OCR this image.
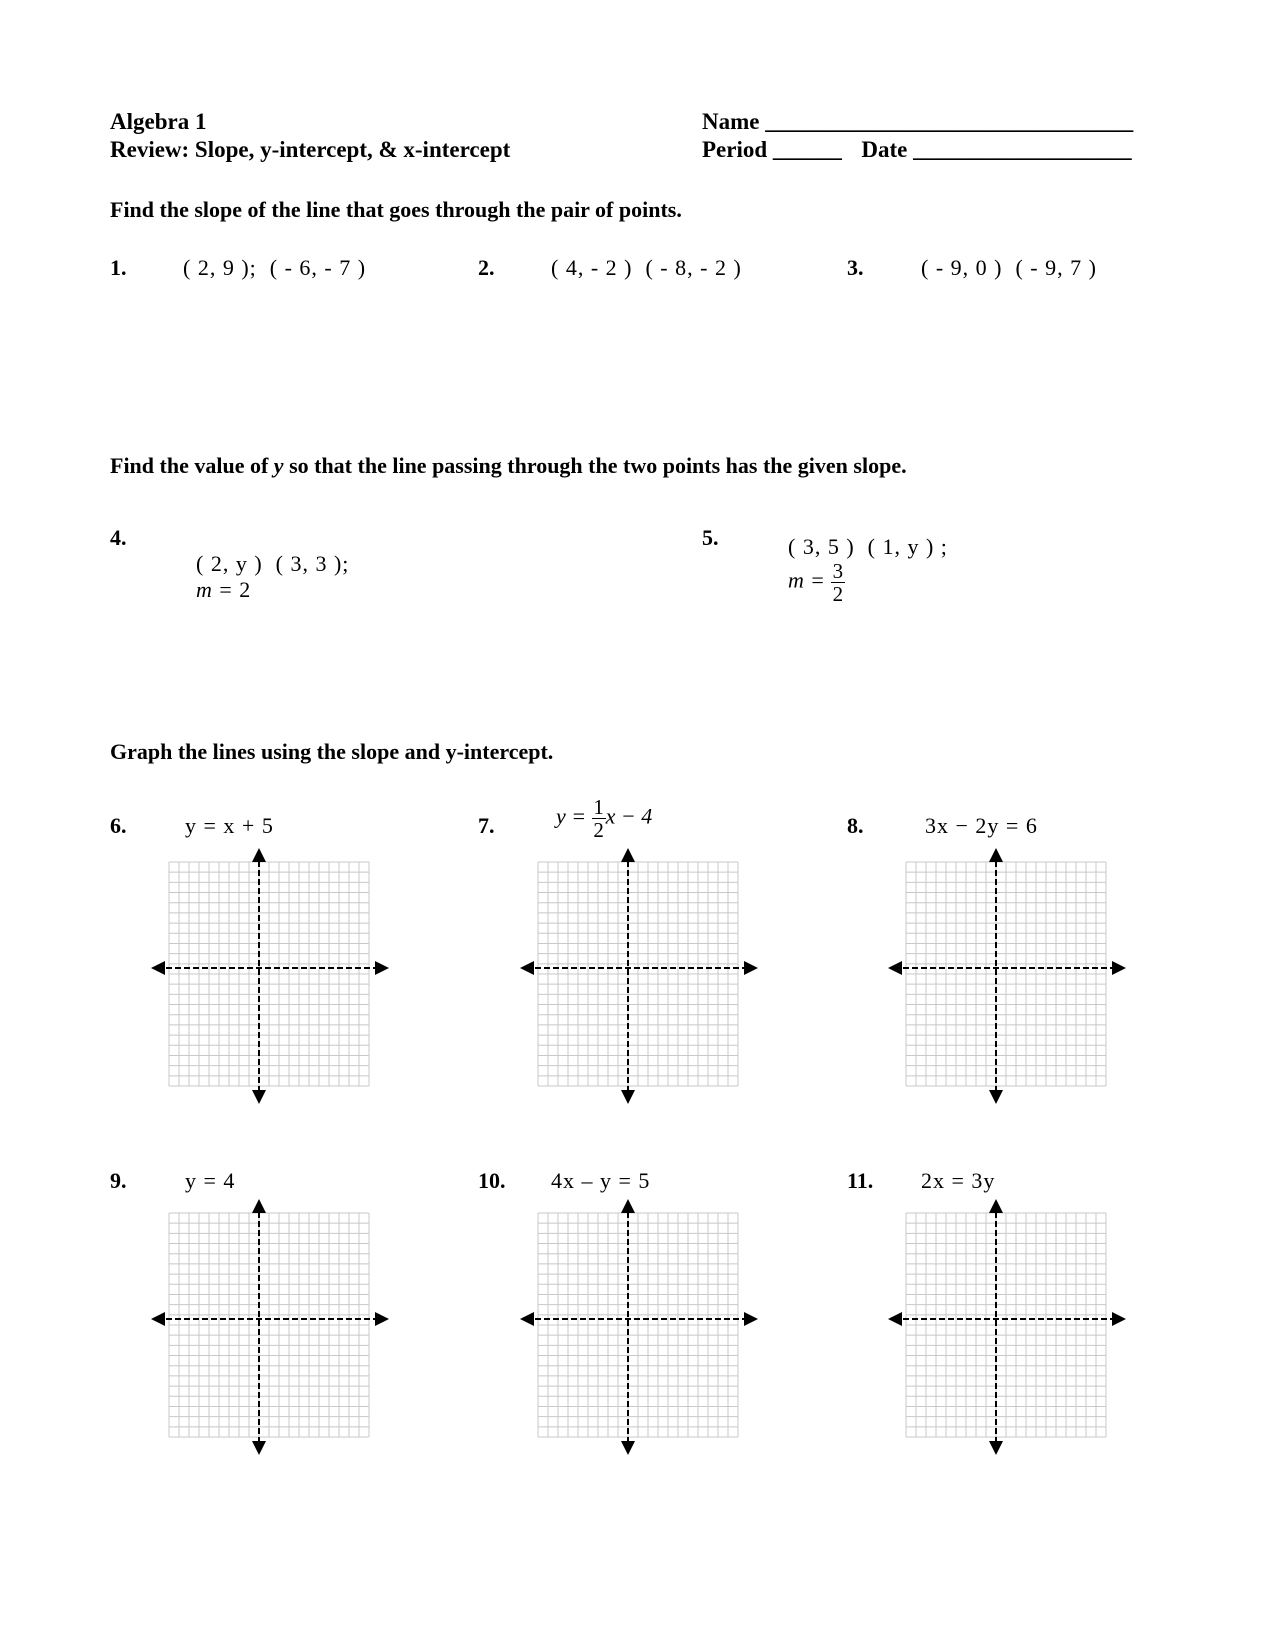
Algebra 1
Review: Slope, y-intercept, & x-intercept
Name ________________________________
Period ______ Date ___________________
Find the slope of the line that goes through the pair of points.
1.	( 2, 9 );  ( - 6, - 7 )	2.	( 4, - 2 )  ( - 8, - 2 )	3.	( - 9, 0 )  ( - 9, 7 )
Find the value of y so that the line passing through the two points has the given slope.
4.

( 2, y )  ( 3, 3 );
m = 2

5.	( 3, 5 )  ( 1, y ) ;
$m = \frac{3}{2}$

Graph the lines using the slope and y-intercept.
6.	y = x + 5	7.	$y = \frac{1}{2}$ x − 4	8.	3x − 2y = 6
9.	y = 4	10. 4x – y = 5	11. 2x = 3y
